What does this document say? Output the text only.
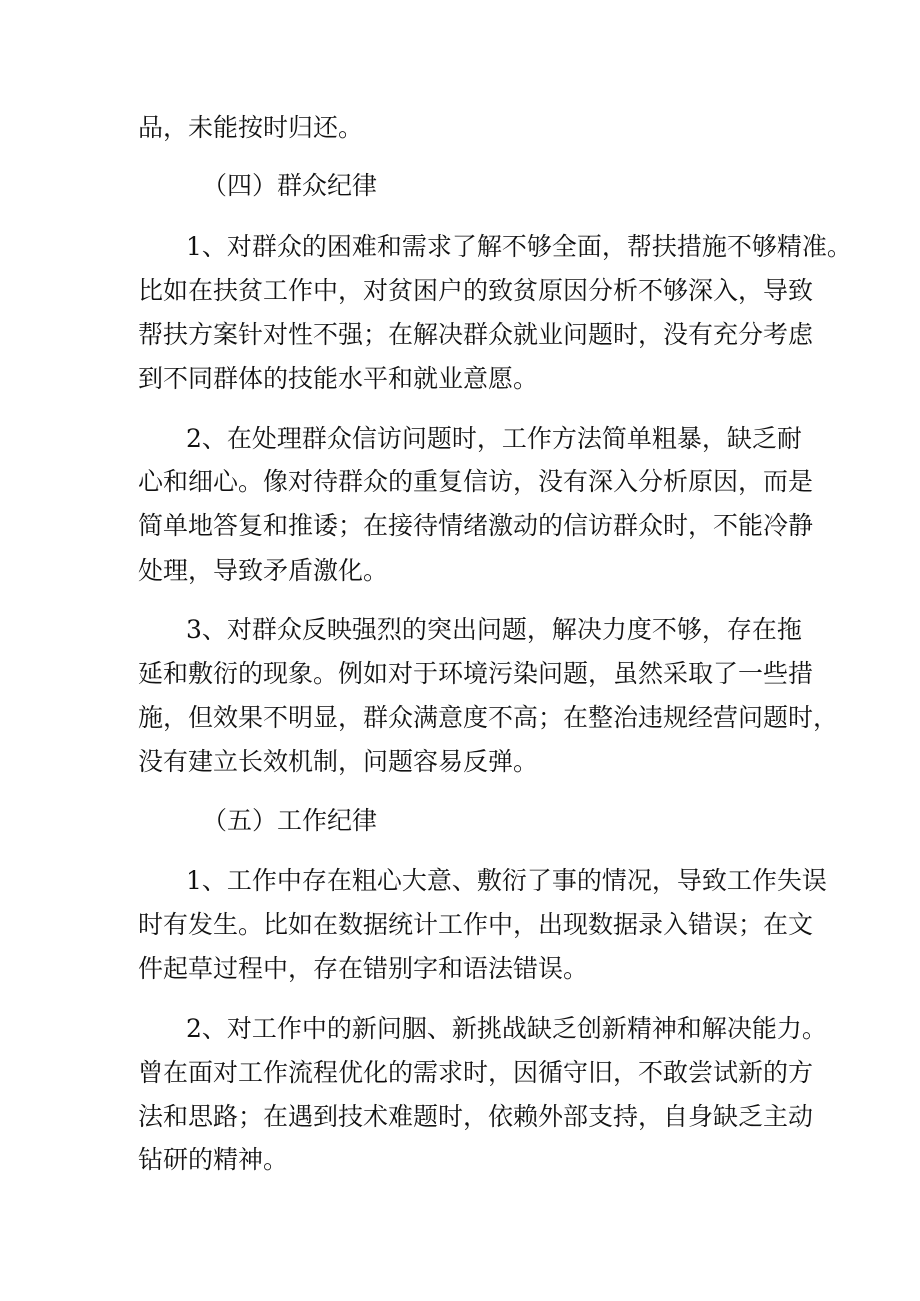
品，未能按时归还。
（四）群众纪律
1、对群众的困难和需求了解不够全面，帮扶措施不够精准。
比如在扶贫工作中，对贫困户的致贫原因分析不够深入，导致
帮扶方案针对性不强；在解决群众就业问题时，没有充分考虑
到不同群体的技能水平和就业意愿。
2、在处理群众信访问题时，工作方法简单粗暴，缺乏耐
心和细心。像对待群众的重复信访，没有深入分析原因，而是
简单地答复和推诿；在接待情绪激动的信访群众时，不能冷静
处理，导致矛盾激化。
3、对群众反映强烈的突出问题，解决力度不够，存在拖
延和敷衍的现象。例如对于环境污染问题，虽然采取了一些措
施，但效果不明显，群众满意度不高；在整治违规经营问题时，
没有建立长效机制，问题容易反弹。
（五）工作纪律
1、工作中存在粗心大意、敷衍了事的情况，导致工作失误
时有发生。比如在数据统计工作中，出现数据录入错误；在文
件起草过程中，存在错别字和语法错误。
2、对工作中的新问胭、新挑战缺乏创新精神和解决能力。
曾在面对工作流程优化的需求时，因循守旧，不敢尝试新的方
法和思路；在遇到技术难题时，依赖外部支持，自身缺乏主动
钻研的精神。
